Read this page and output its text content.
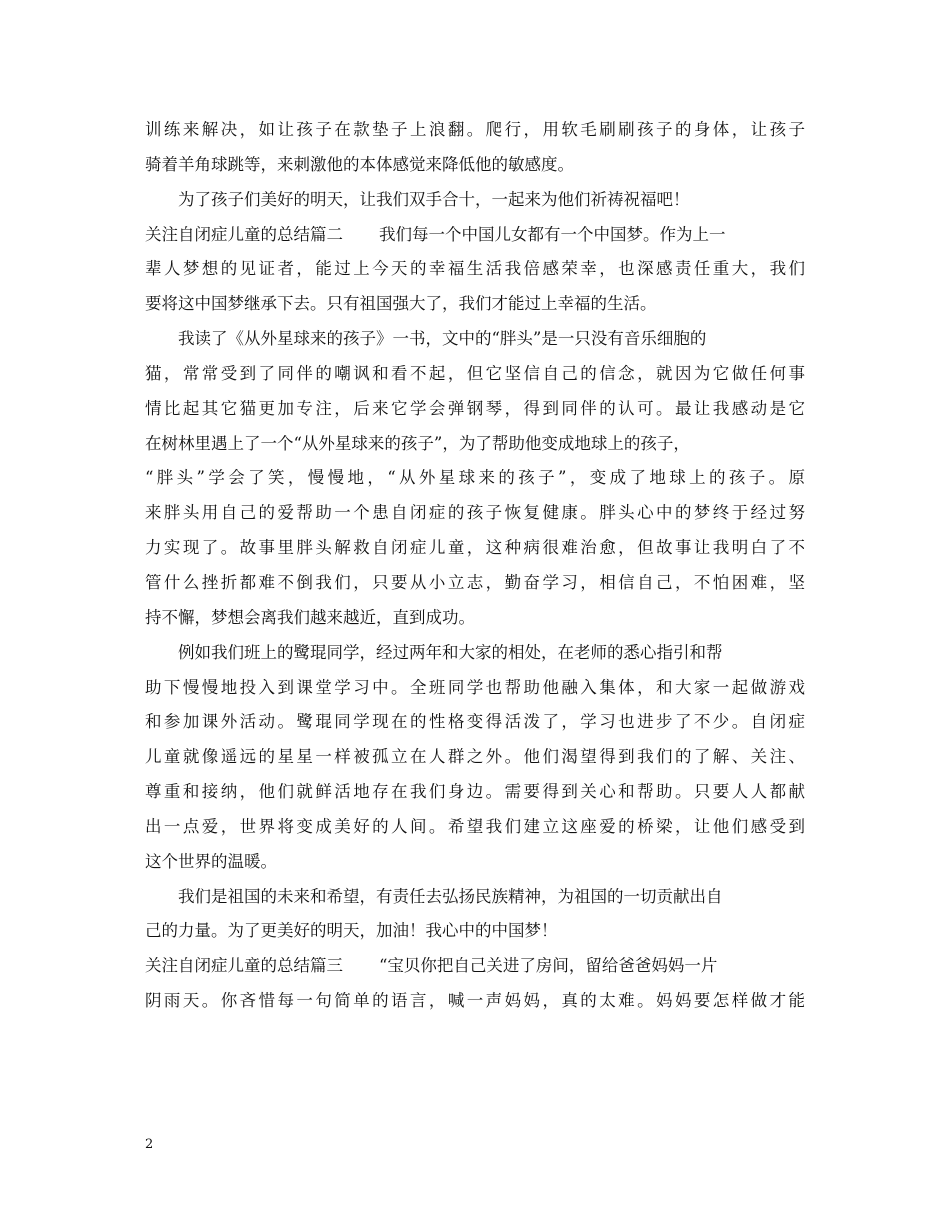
训练来解决，如让孩子在款垫子上浪翻。爬行，用软毛刷刷孩子的身体，让孩子
骑着羊角球跳等，来刺激他的本体感觉来降低他的敏感度。
为了孩子们美好的明天，让我们双手合十，一起来为他们祈祷祝福吧！
关注自闭症儿童的总结篇二 我们每一个中国儿女都有一个中国梦。作为上一
辈人梦想的见证者，能过上今天的幸福生活我倍感荣幸，也深感责任重大，我们
要将这中国梦继承下去。只有祖国强大了，我们才能过上幸福的生活。
我读了《从外星球来的孩子》一书，文中的“胖头”是一只没有音乐细胞的
猫，常常受到了同伴的嘲讽和看不起，但它坚信自己的信念，就因为它做任何事
情比起其它猫更加专注，后来它学会弹钢琴，得到同伴的认可。最让我感动是它
在树林里遇上了一个“从外星球来的孩子”，为了帮助他变成地球上的孩子，
“胖头”学会了笑，慢慢地，“从外星球来的孩子”，变成了地球上的孩子。原
来胖头用自己的爱帮助一个患自闭症的孩子恢复健康。胖头心中的梦终于经过努
力实现了。故事里胖头解救自闭症儿童，这种病很难治愈，但故事让我明白了不
管什么挫折都难不倒我们，只要从小立志，勤奋学习，相信自己，不怕困难，坚
持不懈，梦想会离我们越来越近，直到成功。
例如我们班上的鹭琨同学，经过两年和大家的相处，在老师的悉心指引和帮
助下慢慢地投入到课堂学习中。全班同学也帮助他融入集体，和大家一起做游戏
和参加课外活动。鹭琨同学现在的性格变得活泼了，学习也进步了不少。自闭症
儿童就像遥远的星星一样被孤立在人群之外。他们渴望得到我们的了解、关注、
尊重和接纳，他们就鲜活地存在我们身边。需要得到关心和帮助。只要人人都献
出一点爱，世界将变成美好的人间。希望我们建立这座爱的桥梁，让他们感受到
这个世界的温暖。
我们是祖国的未来和希望，有责任去弘扬民族精神，为祖国的一切贡献出自
己的力量。为了更美好的明天，加油！我心中的中国梦！
关注自闭症儿童的总结篇三 “宝贝你把自己关进了房间，留给爸爸妈妈一片
阴雨天。你吝惜每一句简单的语言，喊一声妈妈，真的太难。妈妈要怎样做才能
2
